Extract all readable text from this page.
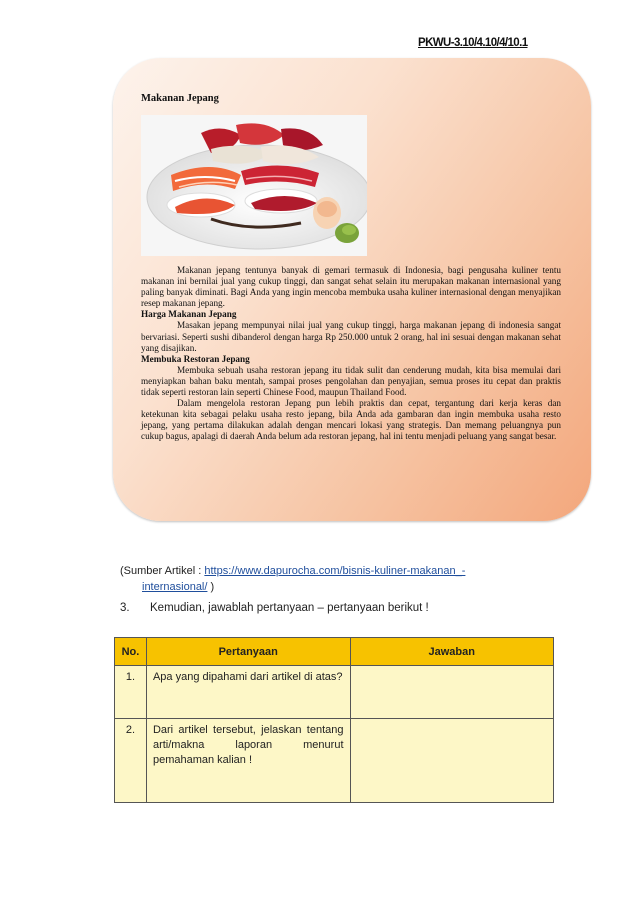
PKWU-3.10/4.10/4/10.1
Makanan Jepang

Makanan jepang tentunya banyak di gemari termasuk di Indonesia, bagi pengusaha kuliner tentu makanan ini bernilai jual yang cukup tinggi, dan sangat sehat selain itu merupakan makanan internasional yang paling banyak diminati. Bagi Anda yang ingin mencoba membuka usaha kuliner internasional dengan menyajikan resep makanan jepang.

Harga Makanan Jepang

Masakan jepang mempunyai nilai jual yang cukup tinggi, harga makanan jepang di indonesia sangat bervariasi. Seperti sushi dibanderol dengan harga Rp 250.000 untuk 2 orang, hal ini sesuai dengan makanan sehat yang disajikan.

Membuka Restoran Jepang

Membuka sebuah usaha restoran jepang itu tidak sulit dan cenderung mudah, kita bisa memulai dari menyiapkan bahan baku mentah, sampai proses pengolahan dan penyajian, semua proses itu cepat dan praktis tidak seperti restoran lain seperti Chinese Food, maupun Thailand Food.

Dalam mengelola restoran Jepang pun lebih praktis dan cepat, tergantung dari kerja keras dan ketekunan kita sebagai pelaku usaha resto jepang, bila Anda ada gambaran dan ingin membuka usaha resto jepang, yang pertama dilakukan adalah dengan mencari lokasi yang strategis. Dan memang peluangnya pun cukup bagus, apalagi di daerah Anda belum ada restoran jepang, hal ini tentu menjadi peluang yang sangat besar.

(Sumber Artikel : https://www.dapurocha.com/bisnis-kuliner-makanan_-
internasional/ )
3. Kemudian, jawablah pertanyaan – pertanyaan berikut !
No.	Pertanyaan	Jawaban
1.	Apa yang dipahami dari artikel di atas?	
2.	Dari artikel tersebut, jelaskan tentang arti/makna laporan menurut pemahaman kalian !	
